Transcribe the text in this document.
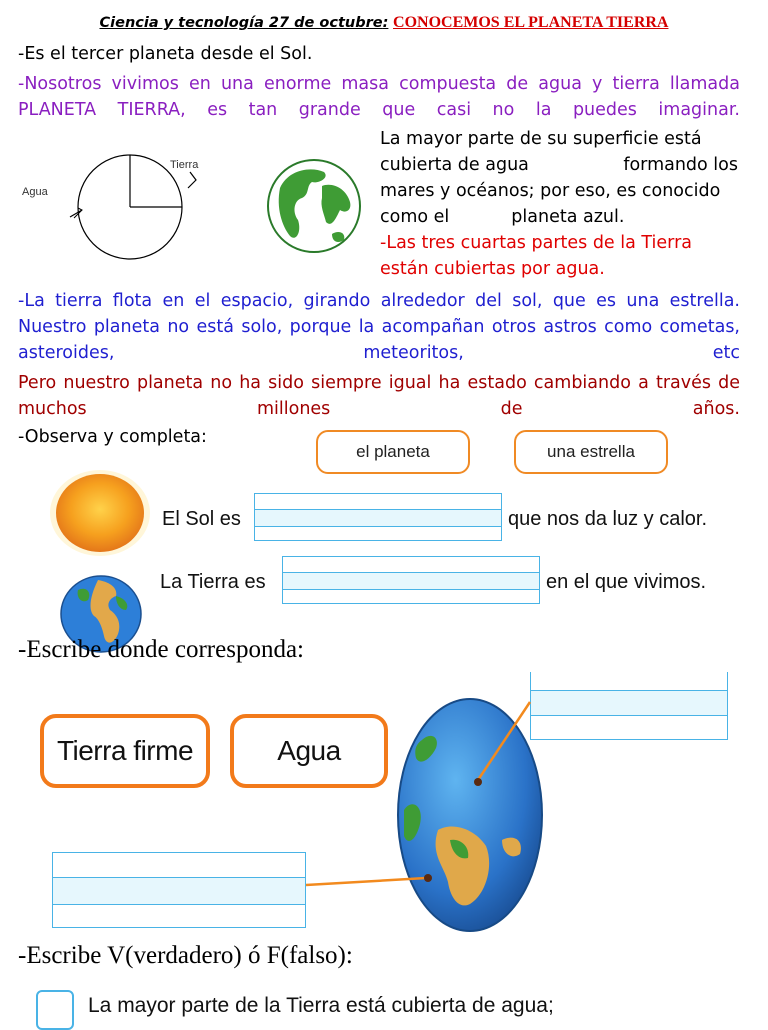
Ciencia y tecnología 27 de octubre: CONOCEMOS EL PLANETA TIERRA
-Es el tercer planeta desde el Sol.
-Nosotros vivimos en una enorme masa compuesta de agua y tierra llamada PLANETA TIERRA, es tan grande que casi no la puedes imaginar.
Agua
Tierra
La mayor parte de su superficie está
cubierta de agua	formando los
mares y océanos; por eso, es conocido
como el	planeta azul.
-Las tres cuartas partes de la Tierra
están cubiertas por agua.
-La tierra flota en el espacio, girando alrededor del sol, que es una estrella. Nuestro planeta no está solo, porque la acompañan otros astros como cometas, asteroides, meteoritos, etc
Pero nuestro planeta no ha sido siempre igual ha estado cambiando a través de muchos millones de años.
-Observa y completa:
el planeta	una estrella
El Sol es	que nos da luz y calor.
La Tierra es	en el que vivimos.
-Escribe donde corresponda:
Tierra firme	Agua
-Escribe V(verdadero) ó F(falso):
La mayor parte de la Tierra está cubierta de agua;
